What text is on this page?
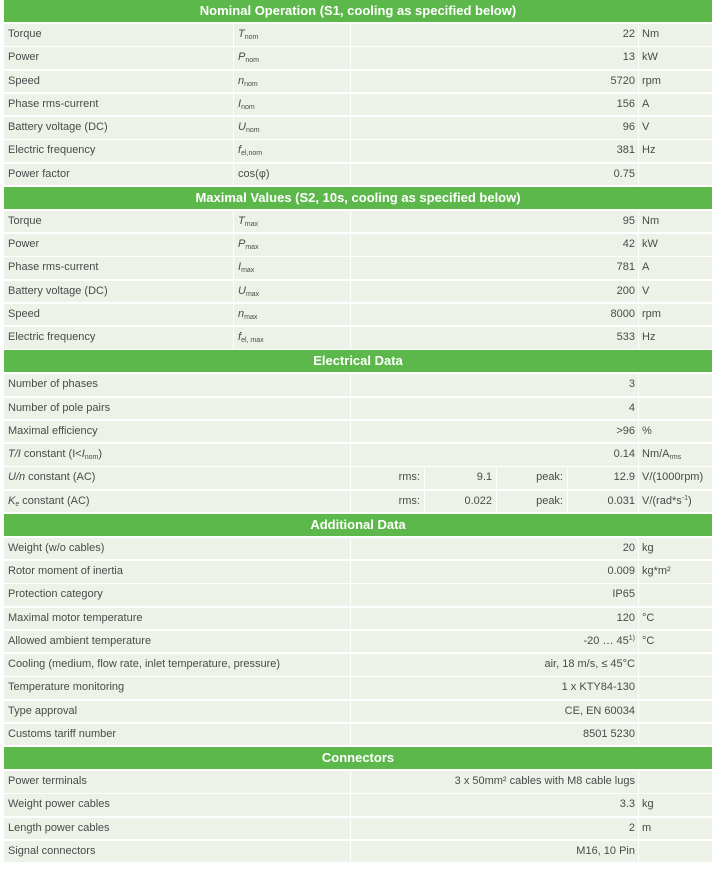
Nominal Operation (S1, cooling as specified below)
Torque	$T_{nom}$	22 Nm
Power	$P_{nom}$	13 kW
Speed	$n_{nom}$	5720 rpm
Phase rms-current	$I_{nom}$	156 A
Battery voltage (DC)	$U_{nom}$	96 V
Electric frequency	$f_{el,nom}$	381 Hz
Power factor	cos(φ)	0.75
Maximal Values (S2, 10s, cooling as specified below)
Torque	$T_{max}$	95 Nm
Power	$P_{max}$	42 kW
Phase rms-current	$I_{max}$	781 A
Battery voltage (DC)	$U_{max}$	200 V
Speed	$n_{max}$	8000 rpm
Electric frequency	$f_{el, max}$	533 Hz
Electrical Data
Number of phases	3
Number of pole pairs	4
Maximal efficiency	>96 %
T/I constant $(I<I_{nom})$	0.14 $Nm/A_{rms}$
U/n constant (AC)	rms:	9.1	peak:	12.9 V/(1000rpm)
$K_e$ constant (AC)	rms:	0.022	peak:	0.031 $V/(rad*s^{-1})$
Additional Data
Weight (w/o cables)	20 kg
Rotor moment of inertia	0.009 kg*m²
Protection category	IP65
Maximal motor temperature	120 °C
Allowed ambient temperature	-20 … 45$^{1)}$ °C
Cooling (medium, flow rate, inlet temperature, pressure)	air, 18 m/s, ≤ 45°C
Temperature monitoring	1 x KTY84-130
Type approval	CE, EN 60034
Customs tariff number	8501 5230
Connectors
Power terminals	3 x 50mm² cables with M8 cable lugs
Weight power cables	3.3 kg
Length power cables	2 m
Signal connectors	M16, 10 Pin
